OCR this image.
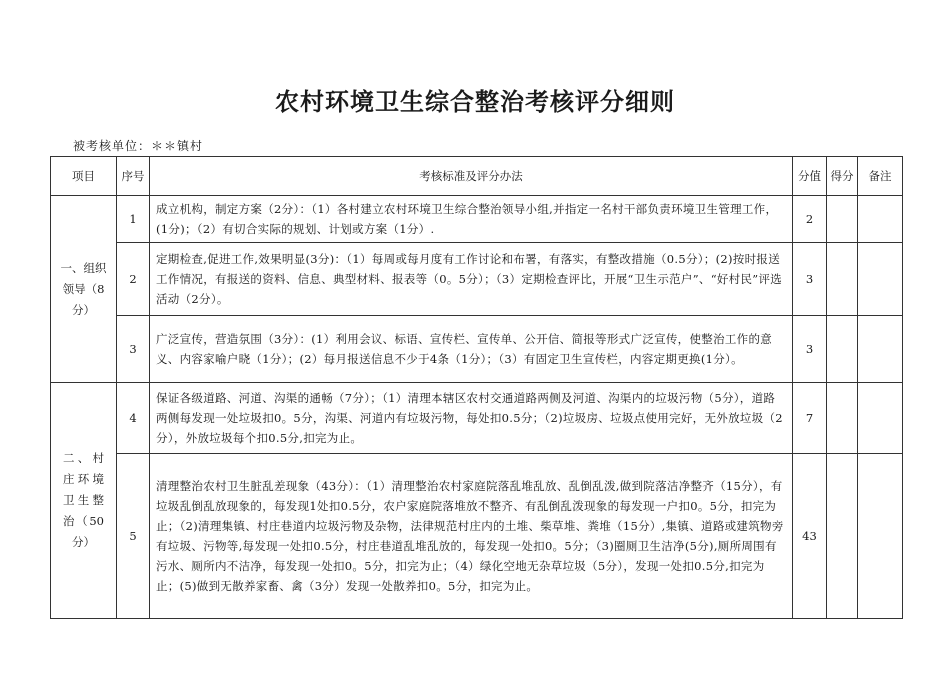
农村环境卫生综合整治考核评分细则
被考核单位：＊＊镇村
项目	序号	考核标准及评分办法	分值	得分	备注
一、组织领导（8分）	1	成立机构，制定方案（2分）：（1）各村建立农村环境卫生综合整治领导小组,并指定一名村干部负责环境卫生管理工作，(1分)；（2）有切合实际的规划、计划或方案（1分）.	2		
	2	定期检查,促进工作,效果明显(3分)：（1）每周或每月度有工作讨论和布署，有落实，有整改措施（0.5分）；(2)按时报送工作情况，有报送的资料、信息、典型材料、报表等（0。5分）；（3）定期检查评比，开展“卫生示范户”、“好村民”评选活动（2分）。	3		
	3	广泛宣传，营造氛围（3分）：(1）利用会议、标语、宣传栏、宣传单、公开信、简报等形式广泛宣传，使整治工作的意义、内容家喻户晓（1分）；(2）每月报送信息不少于4条（1分）；（3）有固定卫生宣传栏，内容定期更换(1分）。	3		
二、村庄环境卫生整治（50分）	4	保证各级道路、河道、沟渠的通畅（7分）；（1）清理本辖区农村交通道路两侧及河道、沟渠内的垃圾污物（5分），道路两侧每发现一处垃圾扣0。5分，沟渠、河道内有垃圾污物，每处扣0.5分；（2)垃圾房、垃圾点使用完好，无外放垃圾（2分），外放垃圾每个扣0.5分,扣完为止。	7		
	5	清理整治农村卫生脏乱差现象（43分）：（1）清理整治农村家庭院落乱堆乱放、乱倒乱泼,做到院落洁净整齐（15分），有垃圾乱倒乱放现象的，每发现1处扣0.5分，农户家庭院落堆放不整齐、有乱倒乱泼现象的每发现一户扣0。5分，扣完为止；（2)清理集镇、村庄巷道内垃圾污物及杂物，法律规范村庄内的土堆、柴草堆、粪堆（15分）,集镇、道路或建筑物旁有垃圾、污物等,每发现一处扣0.5分，村庄巷道乱堆乱放的，每发现一处扣0。5分；（3)圈厕卫生洁净(5分),厕所周围有污水、厕所内不洁净，每发现一处扣0。5分，扣完为止；（4）绿化空地无杂草垃圾（5分），发现一处扣0.5分,扣完为止；(5)做到无散养家畜、禽（3分）发现一处散养扣0。5分，扣完为止。	43		
